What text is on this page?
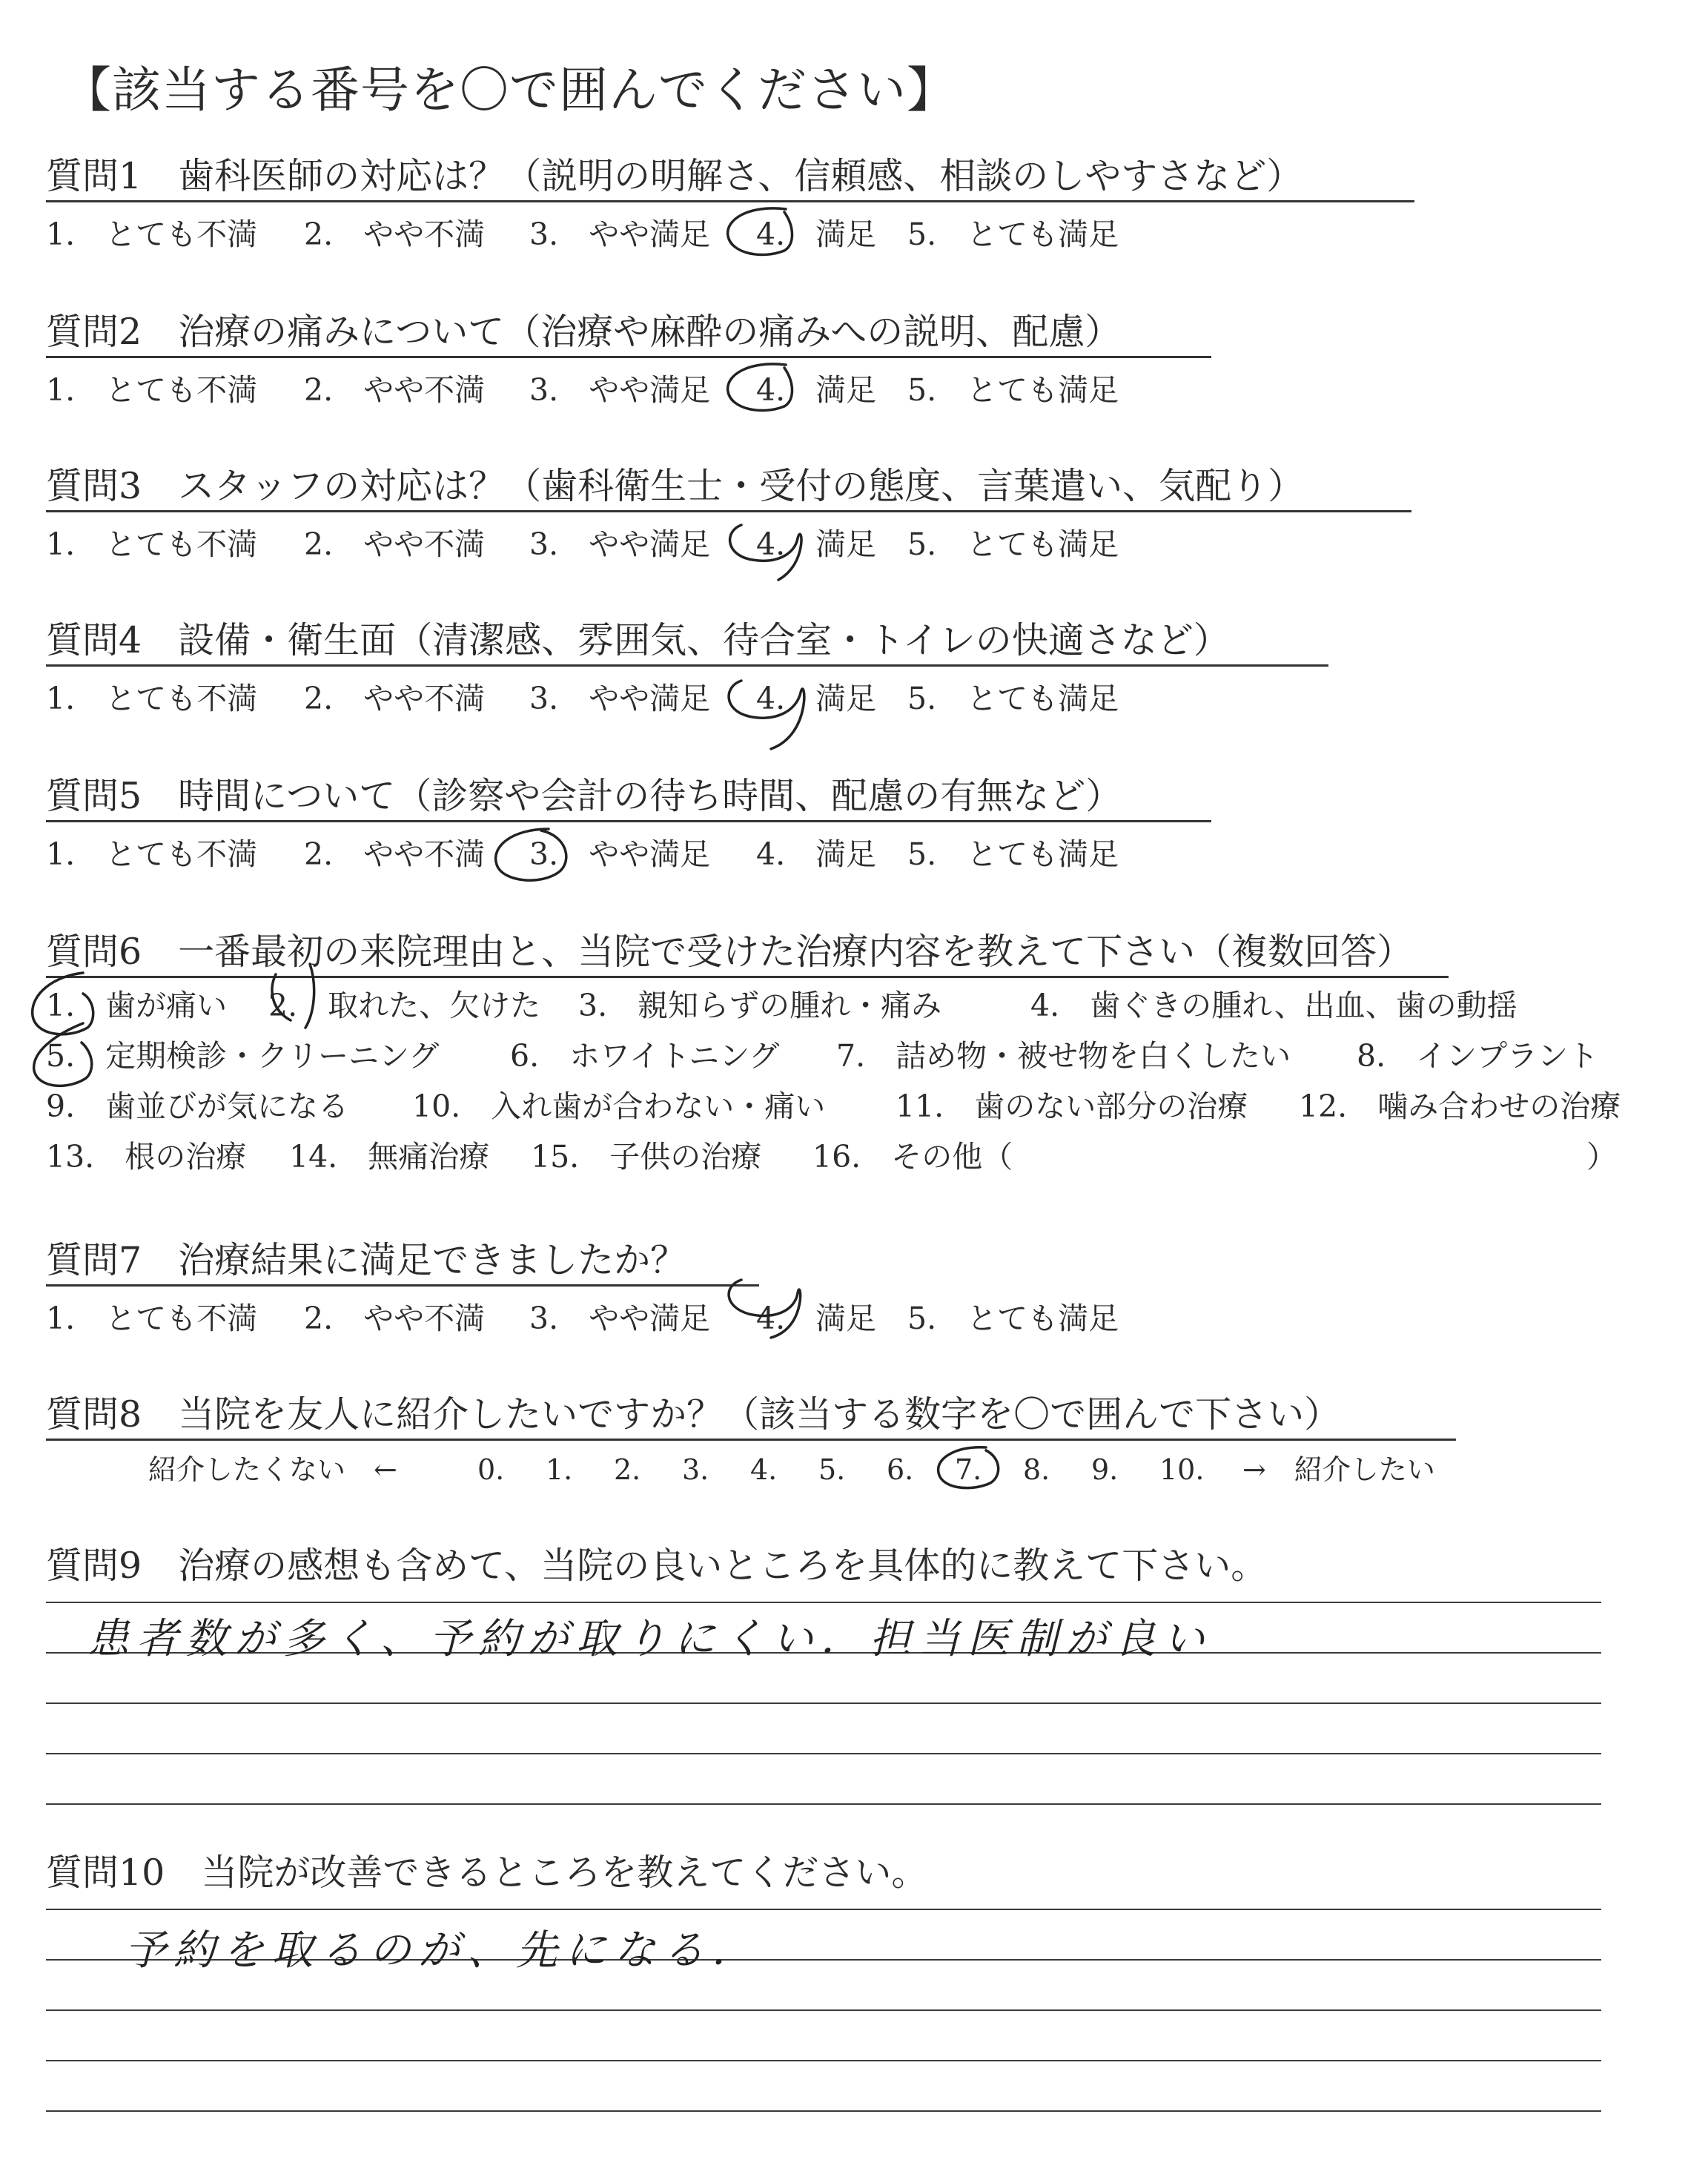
【該当する番号を〇で囲んでください】
質問1　歯科医師の対応は？（説明の明解さ、信頼感、相談のしやすさなど）
1.　とても不満 2.　やや不満 3.　やや満足 4.　満足 5.　とても満足
質問2　治療の痛みについて（治療や麻酔の痛みへの説明、配慮）
1.　とても不満 2.　やや不満 3.　やや満足 4.　満足 5.　とても満足
質問3　スタッフの対応は？（歯科衛生士・受付の態度、言葉遣い、気配り）
1.　とても不満 2.　やや不満 3.　やや満足 4.　満足 5.　とても満足
質問4　設備・衛生面（清潔感、雰囲気、待合室・トイレの快適さなど）
1.　とても不満 2.　やや不満 3.　やや満足 4.　満足 5.　とても満足
質問5　時間について（診察や会計の待ち時間、配慮の有無など）
1.　とても不満 2.　やや不満 3.　やや満足 4.　満足 5.　とても満足
質問6　一番最初の来院理由と、当院で受けた治療内容を教えて下さい（複数回答）
1.　歯が痛い 2.　取れた、欠けた 3.　親知らずの腫れ・痛み	4.　歯ぐきの腫れ、出血、歯の動揺
5.　定期検診・クリーニング 6.　ホワイトニング 7.　詰め物・被せ物を白くしたい 8.　インプラント
9.　歯並びが気になる 10.　入れ歯が合わない・痛い 11.　歯のない部分の治療 12.　噛み合わせの治療
13.　根の治療 14.　無痛治療 15.　子供の治療 16.　その他（	）
質問7　治療結果に満足できましたか？
1.　とても不満 2.　やや不満 3.　やや満足 4.　満足 5.　とても満足
質問8　当院を友人に紹介したいですか？（該当する数字を〇で囲んで下さい）
紹介したくない　←	0. 1. 2. 3. 4. 5. 6. 7. 8. 9. 10. →　紹介したい
質問9　治療の感想も含めて、当院の良いところを具体的に教えて下さい。
患者数が多く、予約が取りにくい．担当医制が良い
質問10　当院が改善できるところを教えてください。
予約を取るのが、先になる．
